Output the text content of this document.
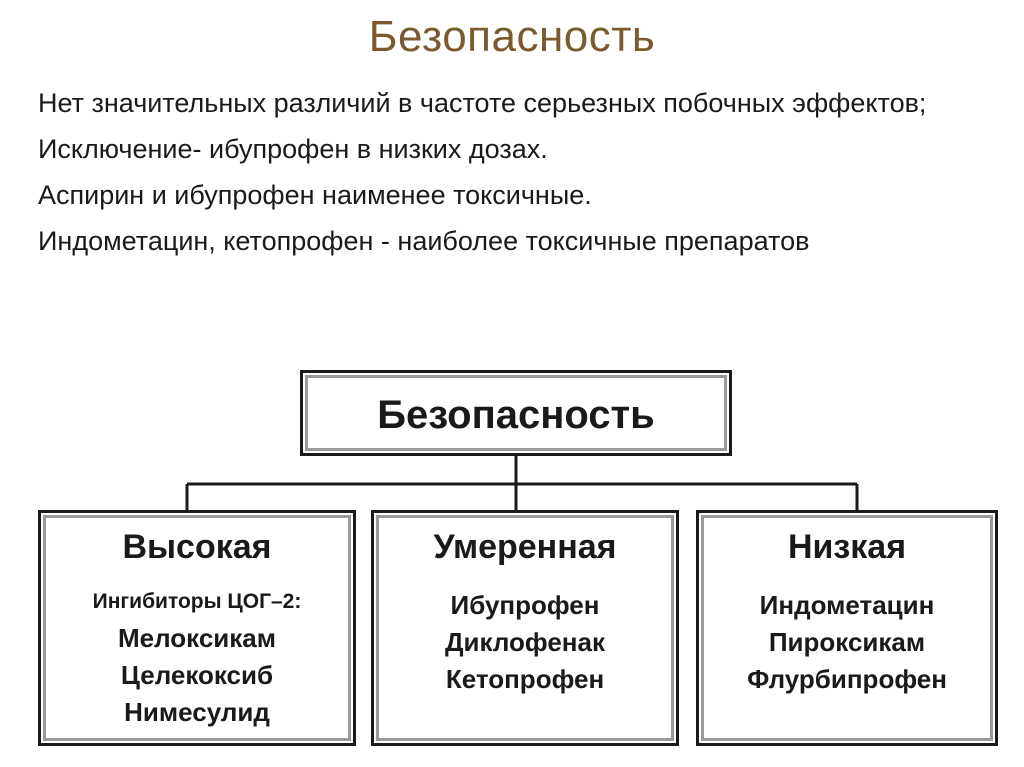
Безопасность
Нет значительных различий в частоте серьезных побочных эффектов;
Исключение- ибупрофен в низких дозах.
Аспирин и ибупрофен наименее токсичные.
Индометацин, кетопрофен - наиболее токсичные препаратов
Безопасность
Высокая
Ингибиторы ЦОГ–2:
Мелоксикам
Целекоксиб
Нимесулид
Умеренная
Ибупрофен
Диклофенак
Кетопрофен
Низкая
Индометацин
Пироксикам
Флурбипрофен
